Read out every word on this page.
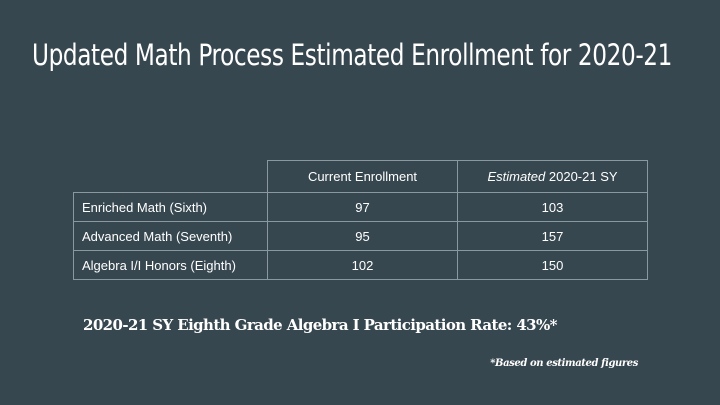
Updated Math Process Estimated Enrollment for 2020-21
	Current Enrollment	Estimated 2020-21 SY
Enriched Math (Sixth)	97	103
Advanced Math (Seventh)	95	157
Algebra I/I Honors (Eighth)	102	150

2020-21 SY Eighth Grade Algebra I Participation Rate: 43%*

*Based on estimated figures
